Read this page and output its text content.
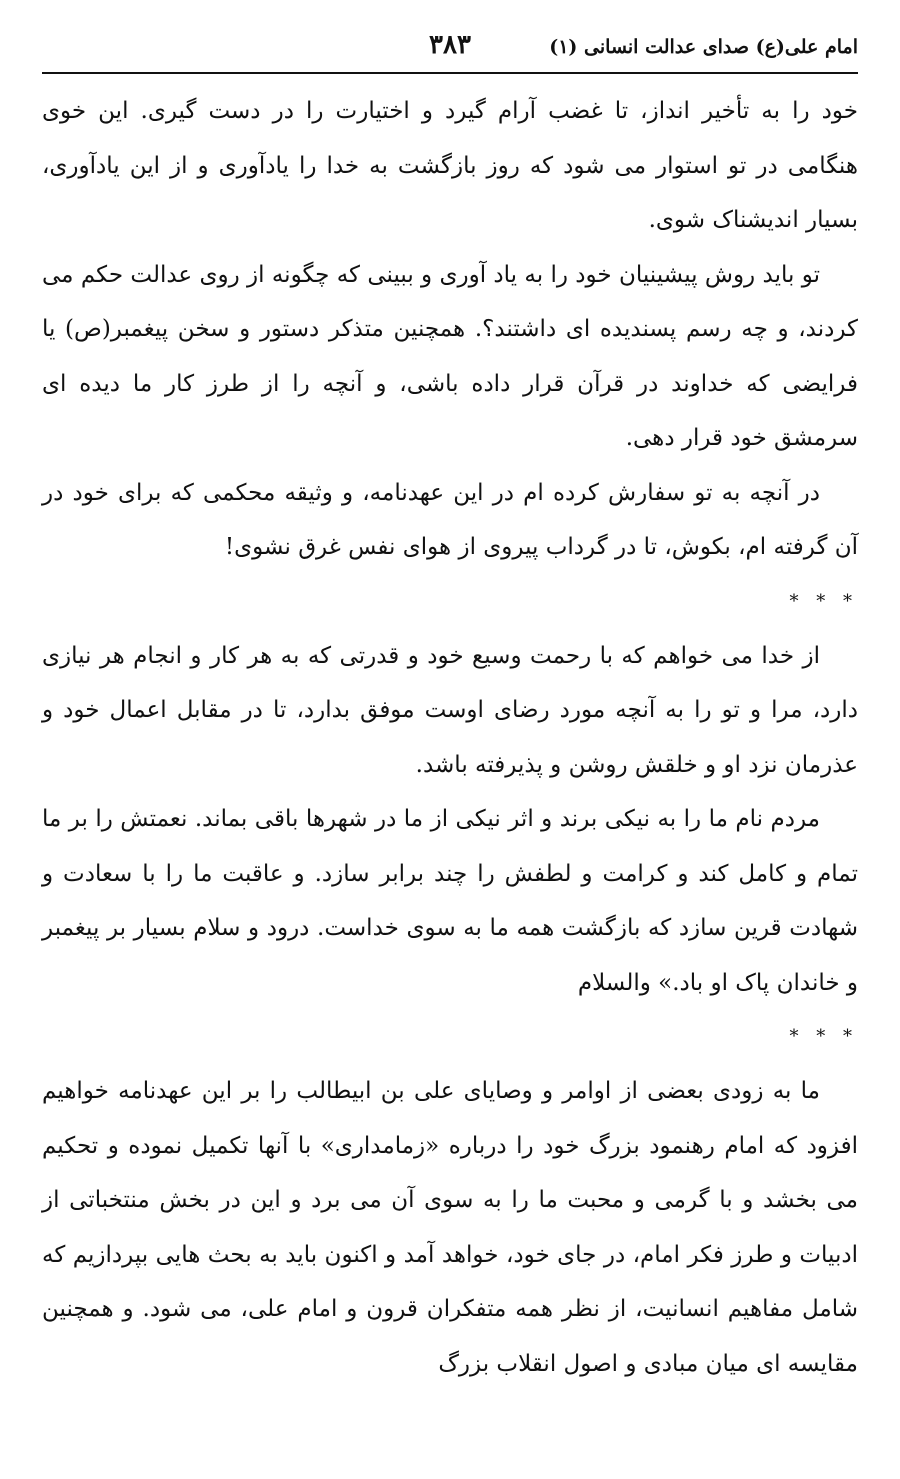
امام علی(ع) صدای عدالت انسانی (۱)
۳۸۳

خود را به تأخیر انداز، تا غضب آرام گیرد و اختیارت را در دست گیری. این خوی هنگامی در تو استوار می شود که روز بازگشت به خدا را یادآوری و از این یادآوری، بسیار اندیشناک شوی.

تو باید روش پیشینیان خود را به یاد آوری و ببینی که چگونه از روی عدالت حکم می کردند، و چه رسم پسندیده ای داشتند؟. همچنین متذکر دستور و سخن پیغمبر(ص) یا فرایضی که خداوند در قرآن قرار داده باشی، و آنچه را از طرز کار ما دیده ای سرمشق خود قرار دهی.

در آنچه به تو سفارش کرده ام در این عهدنامه، و وثیقه محکمی که برای خود در آن گرفته ام، بکوش، تا در گرداب پیروی از هوای نفس غرق نشوی!

* * *

از خدا می خواهم که با رحمت وسیع خود و قدرتی که به هر کار و انجام هر نیازی دارد، مرا و تو را به آنچه مورد رضای اوست موفق بدارد، تا در مقابل اعمال خود و عذرمان نزد او و خلقش روشن و پذیرفته باشد.

مردم نام ما را به نیکی برند و اثر نیکی از ما در شهرها باقی بماند. نعمتش را بر ما تمام و کامل کند و کرامت و لطفش را چند برابر سازد. و عاقبت ما را با سعادت و شهادت قرین سازد که بازگشت همه ما به سوی خداست. درود و سلام بسیار بر پیغمبر و خاندان پاک او باد.» والسلام

* * *

ما به زودی بعضی از اوامر و وصایای علی بن ابیطالب را بر این عهدنامه خواهیم افزود که امام رهنمود بزرگ خود را درباره «زمامداری» با آنها تکمیل نموده و تحکیم می بخشد و با گرمی و محبت ما را به سوی آن می برد و این در بخش منتخباتی از ادبیات و طرز فکر امام، در جای خود، خواهد آمد و اکنون باید به بحث هایی بپردازیم که شامل مفاهیم انسانیت، از نظر همه متفکران قرون و امام علی، می شود. و همچنین مقایسه ای میان مبادی و اصول انقلاب بزرگ
